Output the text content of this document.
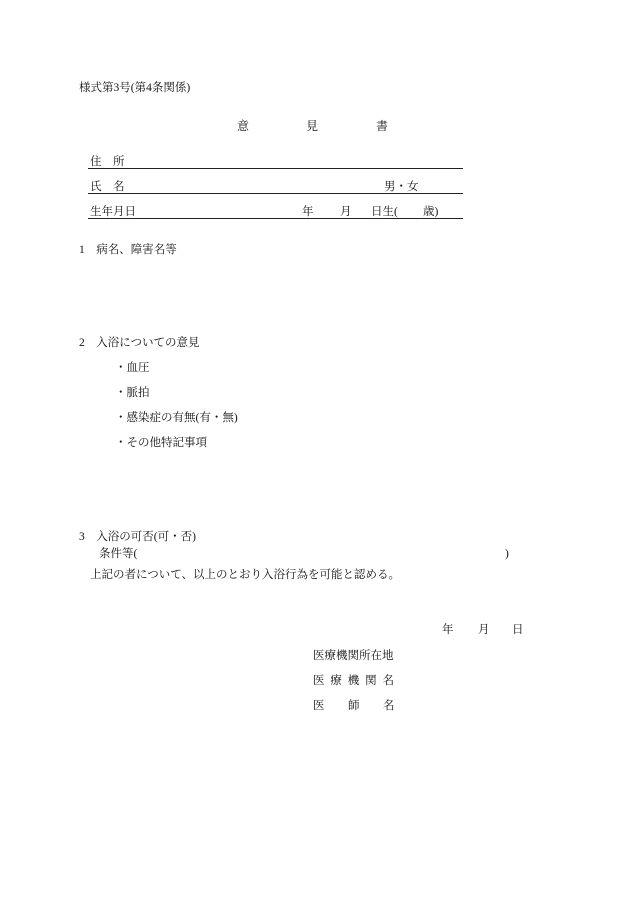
様式第3号(第4条関係)
意	見	書
住　所
氏　名	男・女
生年月日	年 月 日生( 歳)
1　病名、障害名等
2　入浴についての意見
・血圧
・脈拍
・感染症の有無(有・無)
・その他特記事項
3　入浴の可否(可・否)
条件等(	)
上記の者について、以上のとおり入浴行為を可能と認める。
年 月 日
医療機関所在地
医 療 機 関 名
医 師 名
